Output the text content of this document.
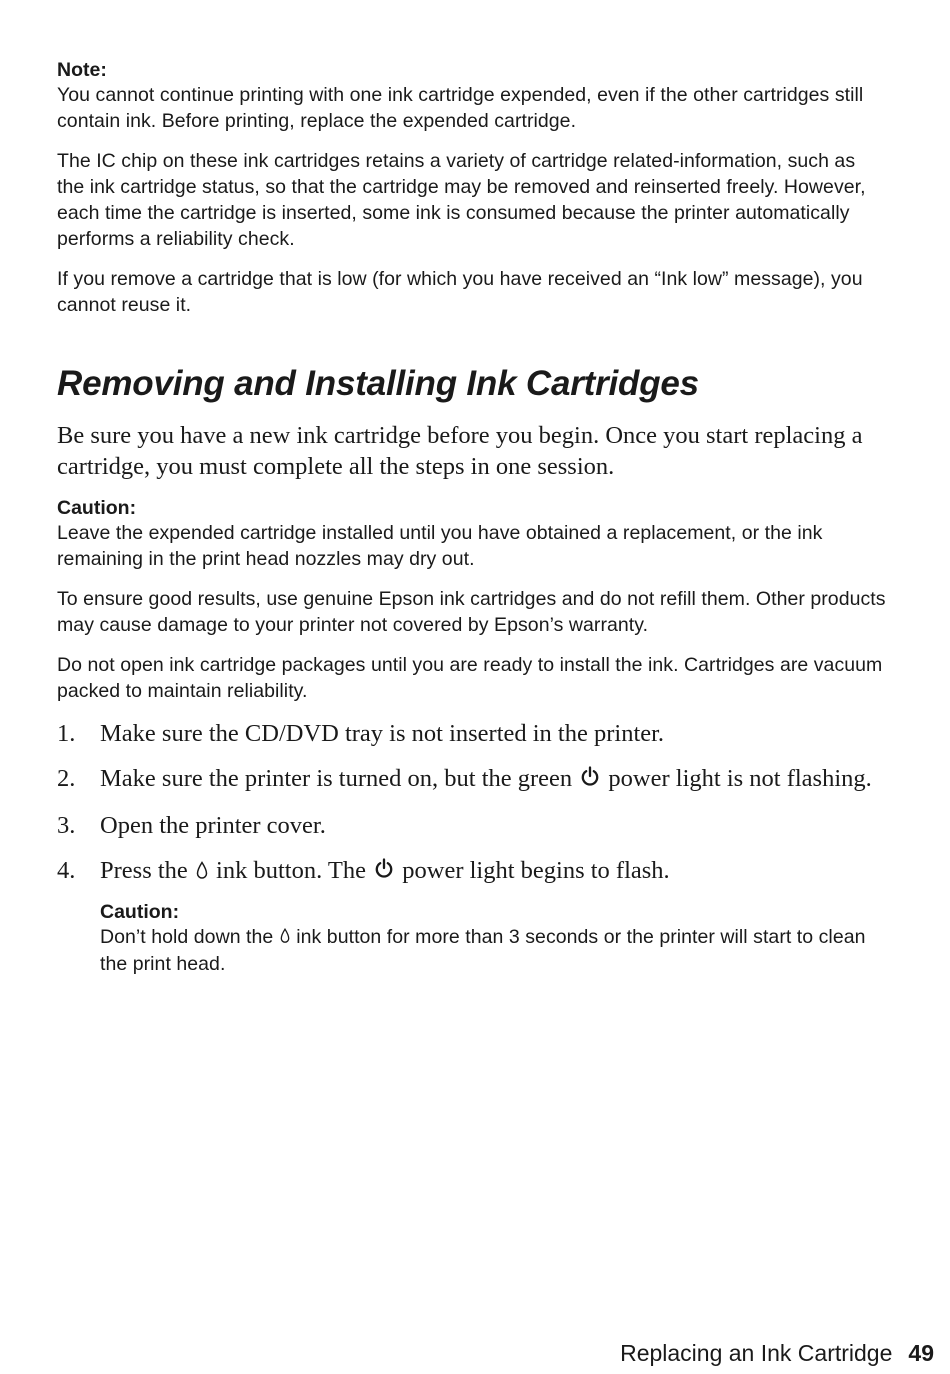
Note:

You cannot continue printing with one ink cartridge expended, even if the other cartridges still contain ink. Before printing, replace the expended cartridge.

The IC chip on these ink cartridges retains a variety of cartridge related-information, such as the ink cartridge status, so that the cartridge may be removed and reinserted freely. However, each time the cartridge is inserted, some ink is consumed because the printer automatically performs a reliability check.

If you remove a cartridge that is low (for which you have received an “Ink low” message), you cannot reuse it.

Removing and Installing Ink Cartridges

Be sure you have a new ink cartridge before you begin. Once you start replacing a cartridge, you must complete all the steps in one session.

Caution:

Leave the expended cartridge installed until you have obtained a replacement, or the ink remaining in the print head nozzles may dry out.

To ensure good results, use genuine Epson ink cartridges and do not refill them. Other products may cause damage to your printer not covered by Epson’s warranty.

Do not open ink cartridge packages until you are ready to install the ink. Cartridges are vacuum packed to maintain reliability.

1. Make sure the CD/DVD tray is not inserted in the printer.
2. Make sure the printer is turned on, but the green power light is not flashing.
3. Open the printer cover.
4. Press the ink button. The power light begins to flash.

Caution:

Don’t hold down the ink button for more than 3 seconds or the printer will start to clean the print head.

Replacing an Ink Cartridge 49
